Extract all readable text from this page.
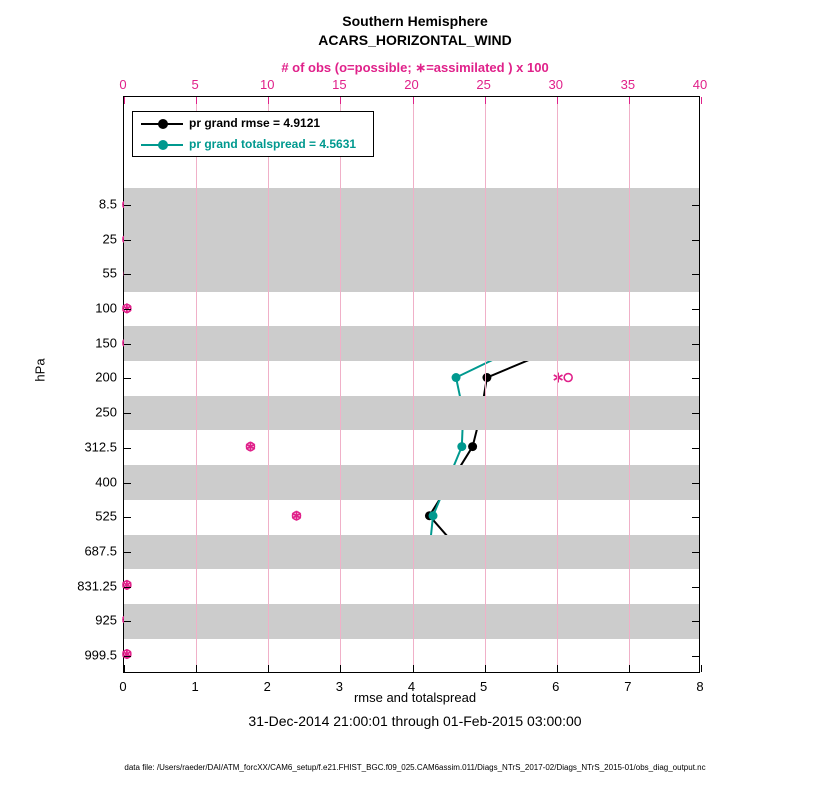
Southern Hemisphere
ACARS_HORIZONTAL_WIND
# of obs (o=possible; ∗=assimilated ) x 100
pr grand rmse = 4.9121
pr grand totalspread = 4.5631
hPa
rmse and totalspread
31-Dec-2014 21:00:01 through 01-Feb-2015 03:00:00
data file: /Users/raeder/DAI/ATM_forcXX/CAM6_setup/f.e21.FHIST_BGC.f09_025.CAM6assim.011/Diags_NTrS_2017-02/Diags_NTrS_2015-01/obs_diag_output.nc
0	1	2	3	4	5	6	7	8
0	5	10	15	20	25	30	35	40
8.5
25
55
100
150
200
250
312.5
400
525
687.5
831.25
925
999.5
